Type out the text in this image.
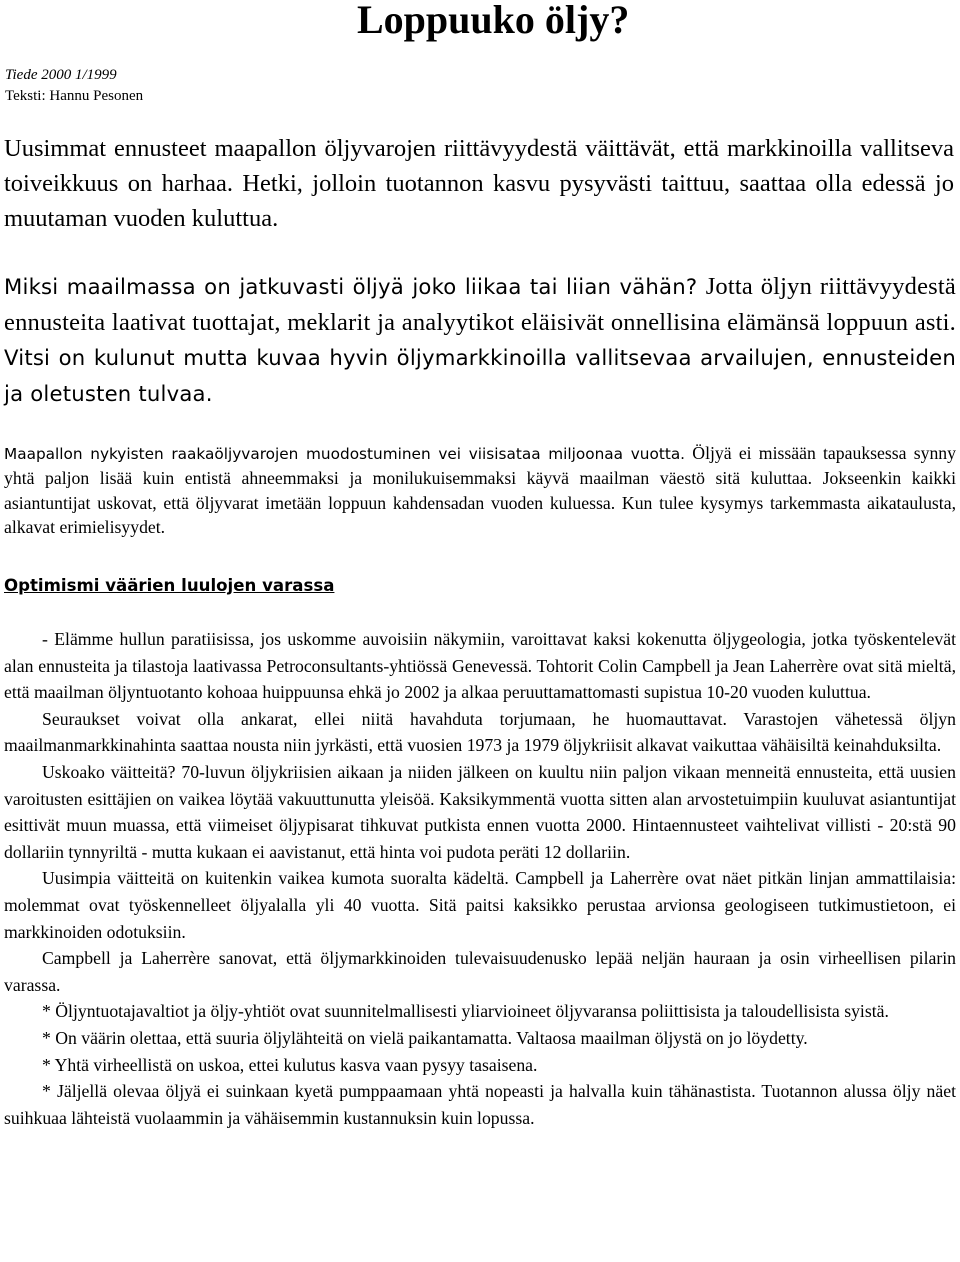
Loppuuko öljy?
Tiede 2000 1/1999
Teksti: Hannu Pesonen

Uusimmat ennusteet maapallon öljyvarojen riittävyydestä väittävät, että markkinoilla vallitseva toiveikkuus on harhaa. Hetki, jolloin tuotannon kasvu pysyvästi taittuu, saattaa olla edessä jo muutaman vuoden kuluttua.

Miksi maailmassa on jatkuvasti öljyä joko liikaa tai liian vähän? Jotta öljyn riittävyydestä ennusteita laativat tuottajat, meklarit ja analyytikot eläisivät onnellisina elämänsä loppuun asti. Vitsi on kulunut mutta kuvaa hyvin öljymarkkinoilla vallitsevaa arvailujen, ennusteiden ja oletusten tulvaa.

Maapallon nykyisten raakaöljyvarojen muodostuminen vei viisisataa miljoonaa vuotta. Öljyä ei missään tapauksessa synny yhtä paljon lisää kuin entistä ahneemmaksi ja monilukuisemmaksi käyvä maailman väestö sitä kuluttaa. Jokseenkin kaikki asiantuntijat uskovat, että öljyvarat imetään loppuun kahdensadan vuoden kuluessa. Kun tulee kysymys tarkemmasta aikataulusta, alkavat erimielisyydet.

Optimismi väärien luulojen varassa

- Elämme hullun paratiisissa, jos uskomme auvoisiin näkymiin, varoittavat kaksi kokenutta öljygeologia, jotka työskentelevät alan ennusteita ja tilastoja laativassa Petroconsultants-yhtiössä Genevessä. Tohtorit Colin Campbell ja Jean Laherrère ovat sitä mieltä, että maailman öljyntuotanto kohoaa huippuunsa ehkä jo 2002 ja alkaa peruuttamattomasti supistua 10-20 vuoden kuluttua.

Seuraukset voivat olla ankarat, ellei niitä havahduta torjumaan, he huomauttavat. Varastojen vähetessä öljyn maailmanmarkkinahinta saattaa nousta niin jyrkästi, että vuosien 1973 ja 1979 öljykriisit alkavat vaikuttaa vähäisiltä keinahduksilta.

Uskoako väitteitä? 70-luvun öljykriisien aikaan ja niiden jälkeen on kuultu niin paljon vikaan menneitä ennusteita, että uusien varoitusten esittäjien on vaikea löytää vakuuttunutta yleisöä. Kaksikymmentä vuotta sitten alan arvostetuimpiin kuuluvat asiantuntijat esittivät muun muassa, että viimeiset öljypisarat tihkuvat putkista ennen vuotta 2000. Hintaennusteet vaihtelivat villisti - 20:stä 90 dollariin tynnyriltä - mutta kukaan ei aavistanut, että hinta voi pudota peräti 12 dollariin.

Uusimpia väitteitä on kuitenkin vaikea kumota suoralta kädeltä. Campbell ja Laherrère ovat näet pitkän linjan ammattilaisia: molemmat ovat työskennelleet öljyalalla yli 40 vuotta. Sitä paitsi kaksikko perustaa arvionsa geologiseen tutkimustietoon, ei markkinoiden odotuksiin.

Campbell ja Laherrère sanovat, että öljymarkkinoiden tulevaisuudenusko lepää neljän hauraan ja osin virheellisen pilarin varassa.

* Öljyntuotajavaltiot ja öljy-yhtiöt ovat suunnitelmallisesti yliarvioineet öljyvaransa poliittisista ja taloudellisista syistä.

* On väärin olettaa, että suuria öljylähteitä on vielä paikantamatta. Valtaosa maailman öljystä on jo löydetty.

* Yhtä virheellistä on uskoa, ettei kulutus kasva vaan pysyy tasaisena.

* Jäljellä olevaa öljyä ei suinkaan kyetä pumppaamaan yhtä nopeasti ja halvalla kuin tähänastista. Tuotannon alussa öljy näet suihkuaa lähteistä vuolaammin ja vähäisemmin kustannuksin kuin lopussa.
